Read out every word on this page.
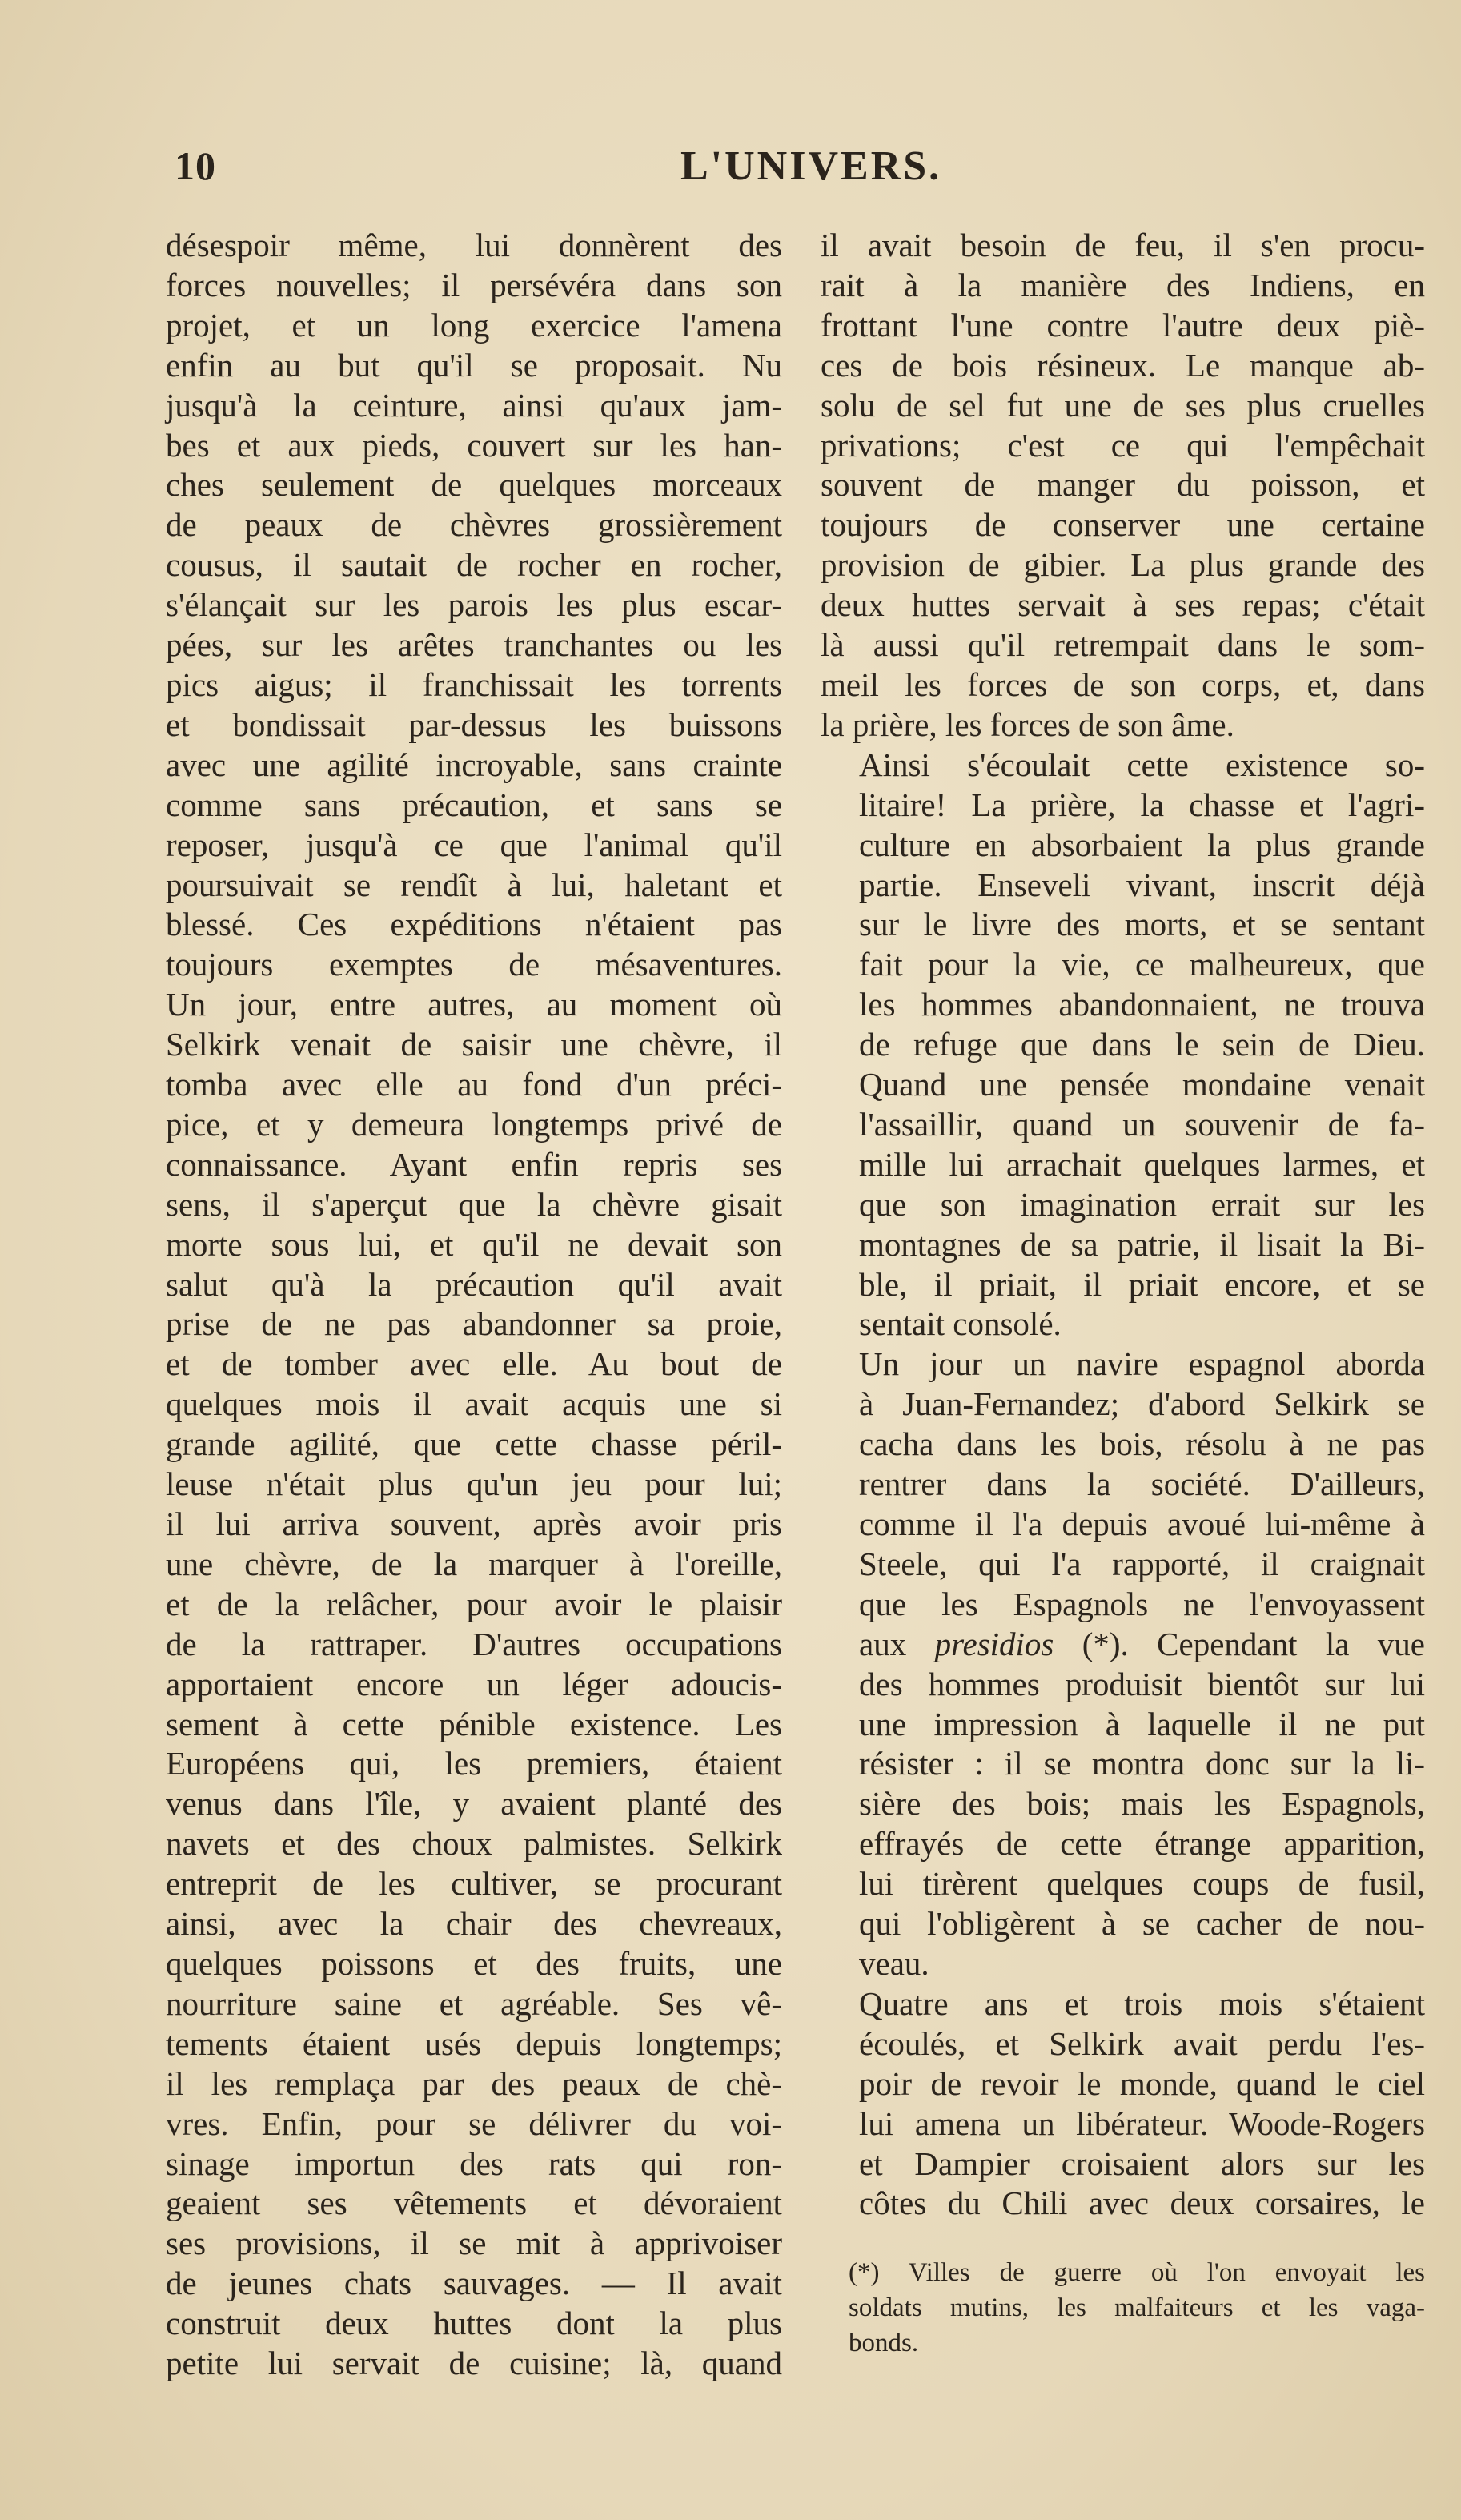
10	L'UNIVERS.

désespoir même, lui donnèrent des
forces nouvelles; il persévéra dans son
projet, et un long exercice l'amena
enfin au but qu'il se proposait. Nu
jusqu'à la ceinture, ainsi qu'aux jam-
bes et aux pieds, couvert sur les han-
ches seulement de quelques morceaux
de peaux de chèvres grossièrement
cousus, il sautait de rocher en rocher,
s'élançait sur les parois les plus escar-
pées, sur les arêtes tranchantes ou les
pics aigus; il franchissait les torrents
et bondissait par-dessus les buissons
avec une agilité incroyable, sans crainte
comme sans précaution, et sans se
reposer, jusqu'à ce que l'animal qu'il
poursuivait se rendît à lui, haletant et
blessé. Ces expéditions n'étaient pas
toujours exemptes de mésaventures.
Un jour, entre autres, au moment où
Selkirk venait de saisir une chèvre, il
tomba avec elle au fond d'un préci-
pice, et y demeura longtemps privé de
connaissance. Ayant enfin repris ses
sens, il s'aperçut que la chèvre gisait
morte sous lui, et qu'il ne devait son
salut qu'à la précaution qu'il avait
prise de ne pas abandonner sa proie,
et de tomber avec elle. Au bout de
quelques mois il avait acquis une si
grande agilité, que cette chasse péril-
leuse n'était plus qu'un jeu pour lui;
il lui arriva souvent, après avoir pris
une chèvre, de la marquer à l'oreille,
et de la relâcher, pour avoir le plaisir
de la rattraper. D'autres occupations
apportaient encore un léger adoucis-
sement à cette pénible existence. Les
Européens qui, les premiers, étaient
venus dans l'île, y avaient planté des
navets et des choux palmistes. Selkirk
entreprit de les cultiver, se procurant
ainsi, avec la chair des chevreaux,
quelques poissons et des fruits, une
nourriture saine et agréable. Ses vê-
tements étaient usés depuis longtemps;
il les remplaça par des peaux de chè-
vres. Enfin, pour se délivrer du voi-
sinage importun des rats qui ron-
geaient ses vêtements et dévoraient
ses provisions, il se mit à apprivoiser
de jeunes chats sauvages. — Il avait
construit deux huttes dont la plus
petite lui servait de cuisine; là, quand

il avait besoin de feu, il s'en procu-
rait à la manière des Indiens, en
frottant l'une contre l'autre deux piè-
ces de bois résineux. Le manque ab-
solu de sel fut une de ses plus cruelles
privations; c'est ce qui l'empêchait
souvent de manger du poisson, et
toujours de conserver une certaine
provision de gibier. La plus grande des
deux huttes servait à ses repas; c'était
là aussi qu'il retrempait dans le som-
meil les forces de son corps, et, dans
la prière, les forces de son âme.

Ainsi s'écoulait cette existence so-
litaire! La prière, la chasse et l'agri-
culture en absorbaient la plus grande
partie. Enseveli vivant, inscrit déjà
sur le livre des morts, et se sentant
fait pour la vie, ce malheureux, que
les hommes abandonnaient, ne trouva
de refuge que dans le sein de Dieu.
Quand une pensée mondaine venait
l'assaillir, quand un souvenir de fa-
mille lui arrachait quelques larmes, et
que son imagination errait sur les
montagnes de sa patrie, il lisait la Bi-
ble, il priait, il priait encore, et se
sentait consolé.

Un jour un navire espagnol aborda
à Juan-Fernandez; d'abord Selkirk se
cacha dans les bois, résolu à ne pas
rentrer dans la société. D'ailleurs,
comme il l'a depuis avoué lui-même à
Steele, qui l'a rapporté, il craignait
que les Espagnols ne l'envoyassent
aux presidios (*). Cependant la vue
des hommes produisit bientôt sur lui
une impression à laquelle il ne put
résister : il se montra donc sur la li-
sière des bois; mais les Espagnols,
effrayés de cette étrange apparition,
lui tirèrent quelques coups de fusil,
qui l'obligèrent à se cacher de nou-
veau.

Quatre ans et trois mois s'étaient
écoulés, et Selkirk avait perdu l'es-
poir de revoir le monde, quand le ciel
lui amena un libérateur. Woode-Rogers
et Dampier croisaient alors sur les
côtes du Chili avec deux corsaires, le

(*) Villes de guerre où l'on envoyait les
soldats mutins, les malfaiteurs et les vaga-
bonds.
